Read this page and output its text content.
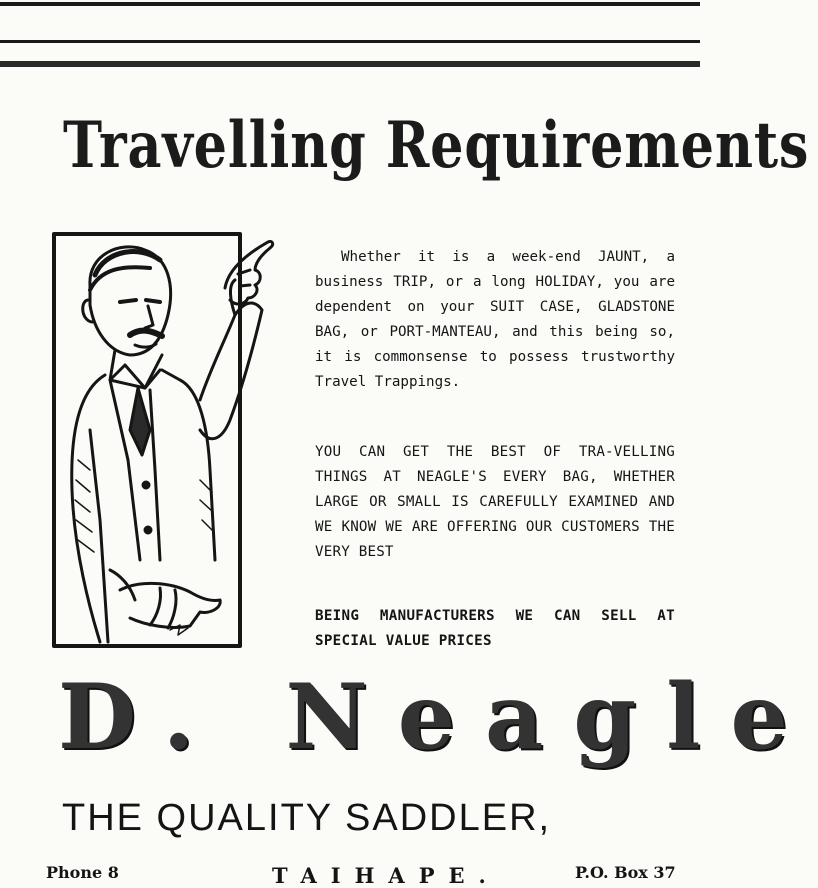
Travelling Requirements

Whether it is a week-end JAUNT, a business TRIP, or a long HOLIDAY, you are dependent on your SUIT CASE, GLADSTONE BAG, or PORT-MANTEAU, and this being so, it is commonsense to possess trustworthy Travel Trappings.

YOU CAN GET THE BEST OF TRA-VELLING THINGS AT NEAGLE'S EVERY BAG, WHETHER LARGE OR SMALL IS CAREFULLY EXAMINED AND WE KNOW WE ARE OFFERING OUR CUSTOMERS THE VERY BEST

BEING MANUFACTURERS WE CAN SELL AT SPECIAL VALUE PRICES

D. Neagle
THE QUALITY SADDLER,
Phone 8	TAIHAPE.	P.O. Box 37
